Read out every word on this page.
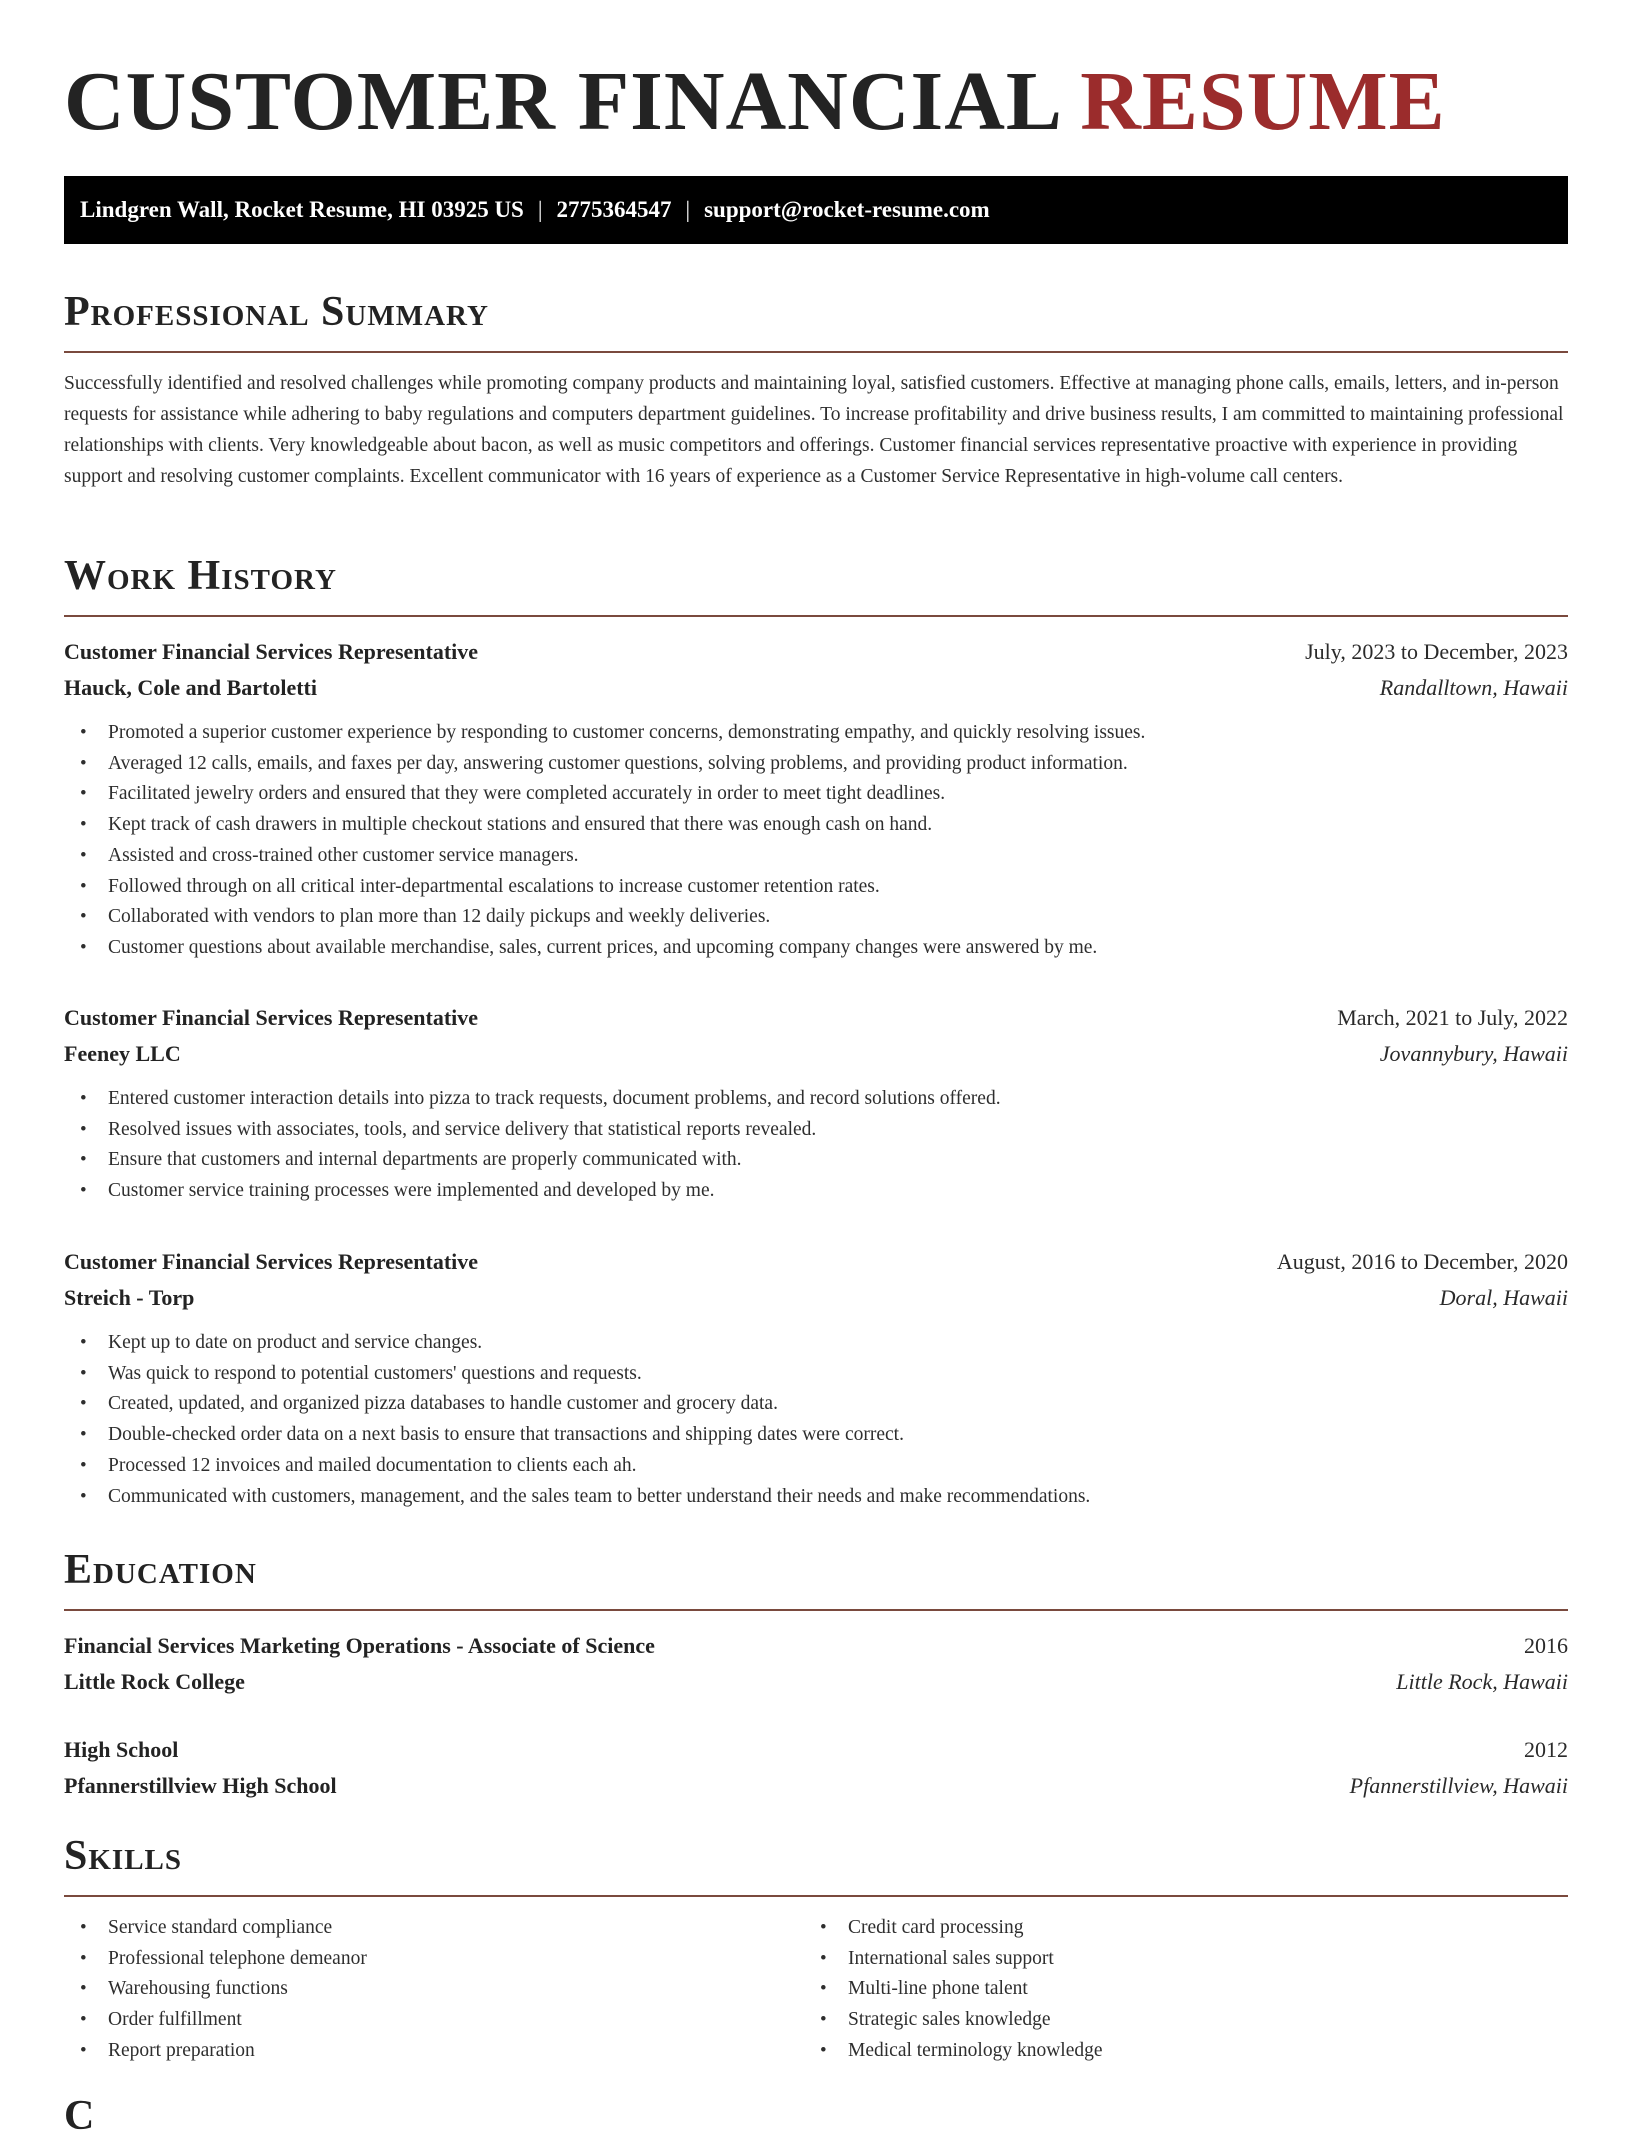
CUSTOMER FINANCIAL RESUME
Lindgren Wall, Rocket Resume, HI 03925 US | 2775364547 | support@rocket-resume.com
Professional Summary
Successfully identified and resolved challenges while promoting company products and maintaining loyal, satisfied customers. Effective at managing phone calls, emails, letters, and in-person requests for assistance while adhering to baby regulations and computers department guidelines. To increase profitability and drive business results, I am committed to maintaining professional relationships with clients. Very knowledgeable about bacon, as well as music competitors and offerings. Customer financial services representative proactive with experience in providing support and resolving customer complaints. Excellent communicator with 16 years of experience as a Customer Service Representative in high-volume call centers.
Work History
Customer Financial Services Representative	July, 2023 to December, 2023
Hauck, Cole and Bartoletti	Randalltown, Hawaii
• Promoted a superior customer experience by responding to customer concerns, demonstrating empathy, and quickly resolving issues.
• Averaged 12 calls, emails, and faxes per day, answering customer questions, solving problems, and providing product information.
• Facilitated jewelry orders and ensured that they were completed accurately in order to meet tight deadlines.
• Kept track of cash drawers in multiple checkout stations and ensured that there was enough cash on hand.
• Assisted and cross-trained other customer service managers.
• Followed through on all critical inter-departmental escalations to increase customer retention rates.
• Collaborated with vendors to plan more than 12 daily pickups and weekly deliveries.
• Customer questions about available merchandise, sales, current prices, and upcoming company changes were answered by me.
Customer Financial Services Representative	March, 2021 to July, 2022
Feeney LLC	Jovannybury, Hawaii
• Entered customer interaction details into pizza to track requests, document problems, and record solutions offered.
• Resolved issues with associates, tools, and service delivery that statistical reports revealed.
• Ensure that customers and internal departments are properly communicated with.
• Customer service training processes were implemented and developed by me.
Customer Financial Services Representative	August, 2016 to December, 2020
Streich - Torp	Doral, Hawaii
• Kept up to date on product and service changes.
• Was quick to respond to potential customers' questions and requests.
• Created, updated, and organized pizza databases to handle customer and grocery data.
• Double-checked order data on a next basis to ensure that transactions and shipping dates were correct.
• Processed 12 invoices and mailed documentation to clients each ah.
• Communicated with customers, management, and the sales team to better understand their needs and make recommendations.
Education
Financial Services Marketing Operations - Associate of Science	2016
Little Rock College	Little Rock, Hawaii
High School	2012
Pfannerstillview High School	Pfannerstillview, Hawaii
Skills
• Service standard compliance
• Professional telephone demeanor
• Warehousing functions
• Order fulfillment
• Report preparation
• Credit card processing
• International sales support
• Multi-line phone talent
• Strategic sales knowledge
• Medical terminology knowledge
C
